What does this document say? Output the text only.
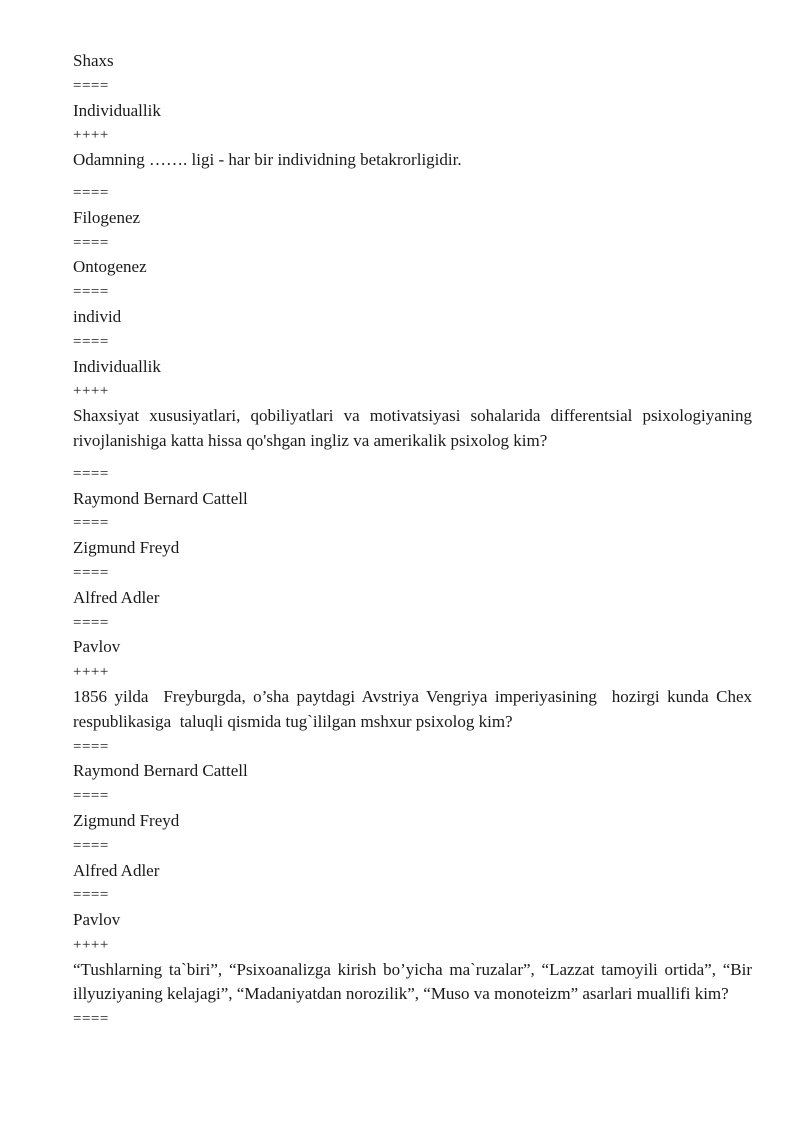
Shaxs
====
Individuallik
++++
Odamning ……. ligi - har bir individning betakrorligidir.
====
Filogenez
====
Ontogenez
====
individ
====
Individuallik
++++
Shaxsiyat xususiyatlari, qobiliyatlari va motivatsiyasi sohalarida differentsial psixologiyaning rivojlanishiga katta hissa qo'shgan ingliz va amerikalik psixolog kim?
====
Raymond Bernard Cattell
====
Zigmund Freyd
====
Alfred Adler
====
Pavlov
++++
1856 yilda  Freyburgda, o’sha paytdagi Avstriya Vengriya imperiyasining  hozirgi kunda Chex respublikasiga  taluqli qismida tug`ililgan mshxur psixolog kim?
====
Raymond Bernard Cattell
====
Zigmund Freyd
====
Alfred Adler
====
Pavlov
++++
“Tushlarning ta`biri”, “Psixoanalizga kirish bo’yicha ma`ruzalar”, “Lazzat tamoyili ortida”, “Bir illyuziyaning kelajagi”, “Madaniyatdan norozilik”, “Muso va monoteizm” asarlari muallifi kim?
====
